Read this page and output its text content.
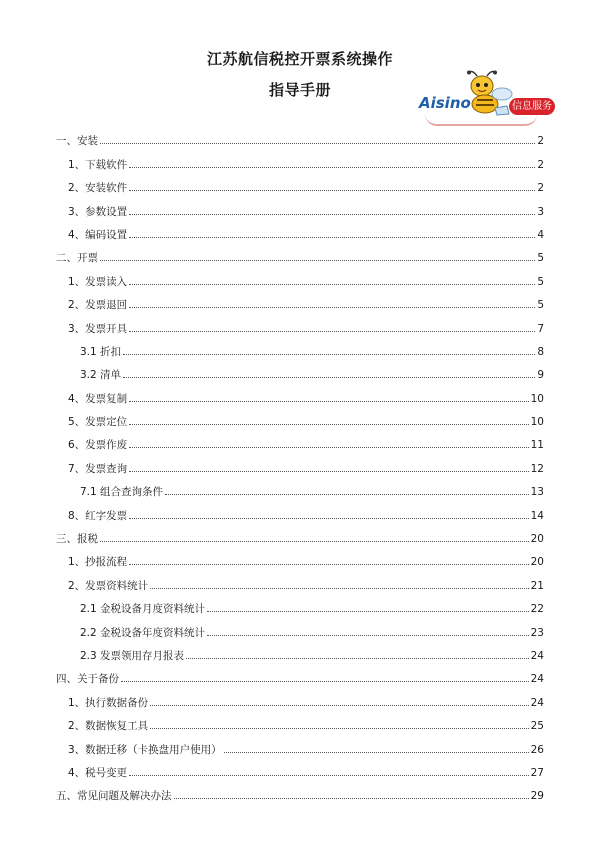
江苏航信税控开票系统操作
指导手册
Aisino	信息服务
一、安装	2
1、下载软件	2
2、安装软件	2
3、参数设置	3
4、编码设置	4
二、开票	5
1、发票读入	5
2、发票退回	5
3、发票开具	7
3.1 折扣	8
3.2 清单	9
4、发票复制	10
5、发票定位	10
6、发票作废	11
7、发票查询	12
7.1 组合查询条件	13
8、红字发票	14
三、报税	20
1、抄报流程	20
2、发票资料统计	21
2.1 金税设备月度资料统计	22
2.2 金税设备年度资料统计	23
2.3 发票领用存月报表	24
四、关于备份	24
1、执行数据备份	24
2、数据恢复工具	25
3、数据迁移（卡换盘用户使用）	26
4、税号变更	27
五、常见问题及解决办法	29
